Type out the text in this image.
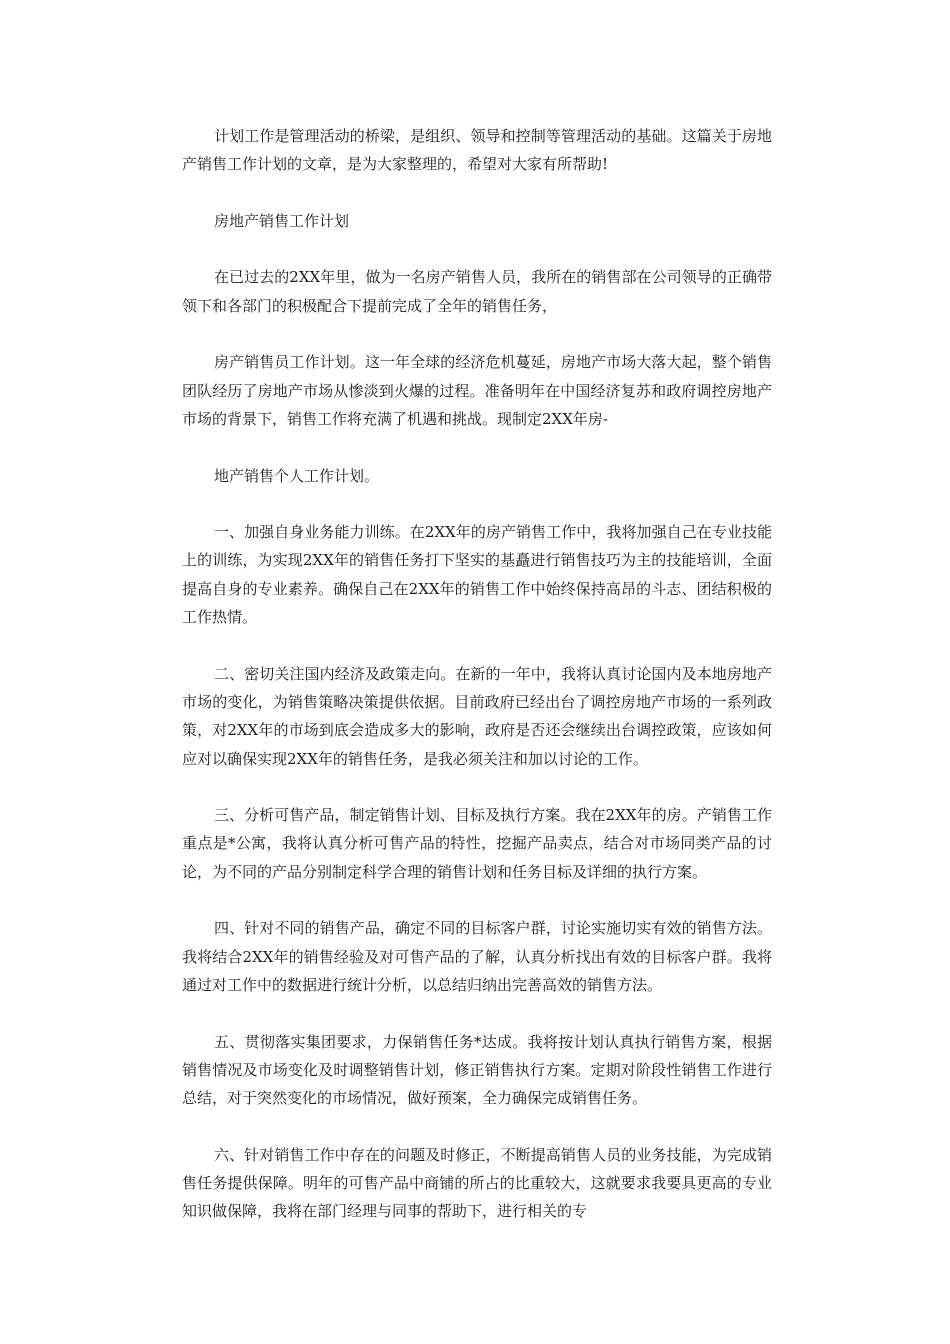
计划工作是管理活动的桥梁，是组织、领导和控制等管理活动的基础。这篇关于房地产销售工作计划的文章，是为大家整理的，希望对大家有所帮助!

房地产销售工作计划

在已过去的2XX年里，做为一名房产销售人员，我所在的销售部在公司领导的正确带领下和各部门的积极配合下提前完成了全年的销售任务，

房产销售员工作计划。这一年全球的经济危机蔓延，房地产市场大落大起，整个销售团队经历了房地产市场从惨淡到火爆的过程。准备明年在中国经济复苏和政府调控房地产市场的背景下，销售工作将充满了机遇和挑战。现制定2XX年房-

地产销售个人工作计划。

一、加强自身业务能力训练。在2XX年的房产销售工作中，我将加强自己在专业技能上的训练，为实现2XX年的销售任务打下坚实的基矗进行销售技巧为主的技能培训，全面提高自身的专业素养。确保自己在2XX年的销售工作中始终保持高昂的斗志、团结积极的工作热情。

二、密切关注国内经济及政策走向。在新的一年中，我将认真讨论国内及本地房地产市场的变化，为销售策略决策提供依据。目前政府已经出台了调控房地产市场的一系列政策，对2XX年的市场到底会造成多大的影响，政府是否还会继续出台调控政策，应该如何应对以确保实现2XX年的销售任务，是我必须关注和加以讨论的工作。

三、分析可售产品，制定销售计划、目标及执行方案。我在2XX年的房。产销售工作重点是*公寓，我将认真分析可售产品的特性，挖掘产品卖点，结合对市场同类产品的讨论，为不同的产品分别制定科学合理的销售计划和任务目标及详细的执行方案。

四、针对不同的销售产品，确定不同的目标客户群，讨论实施切实有效的销售方法。我将结合2XX年的销售经验及对可售产品的了解，认真分析找出有效的目标客户群。我将通过对工作中的数据进行统计分析，以总结归纳出完善高效的销售方法。

五、贯彻落实集团要求，力保销售任务*达成。我将按计划认真执行销售方案，根据销售情况及市场变化及时调整销售计划，修正销售执行方案。定期对阶段性销售工作进行总结，对于突然变化的市场情况，做好预案，全力确保完成销售任务。

六、针对销售工作中存在的问题及时修正，不断提高销售人员的业务技能，为完成销售任务提供保障。明年的可售产品中商铺的所占的比重较大，这就要求我要具更高的专业知识做保障，我将在部门经理与同事的帮助下，进行相关的专
